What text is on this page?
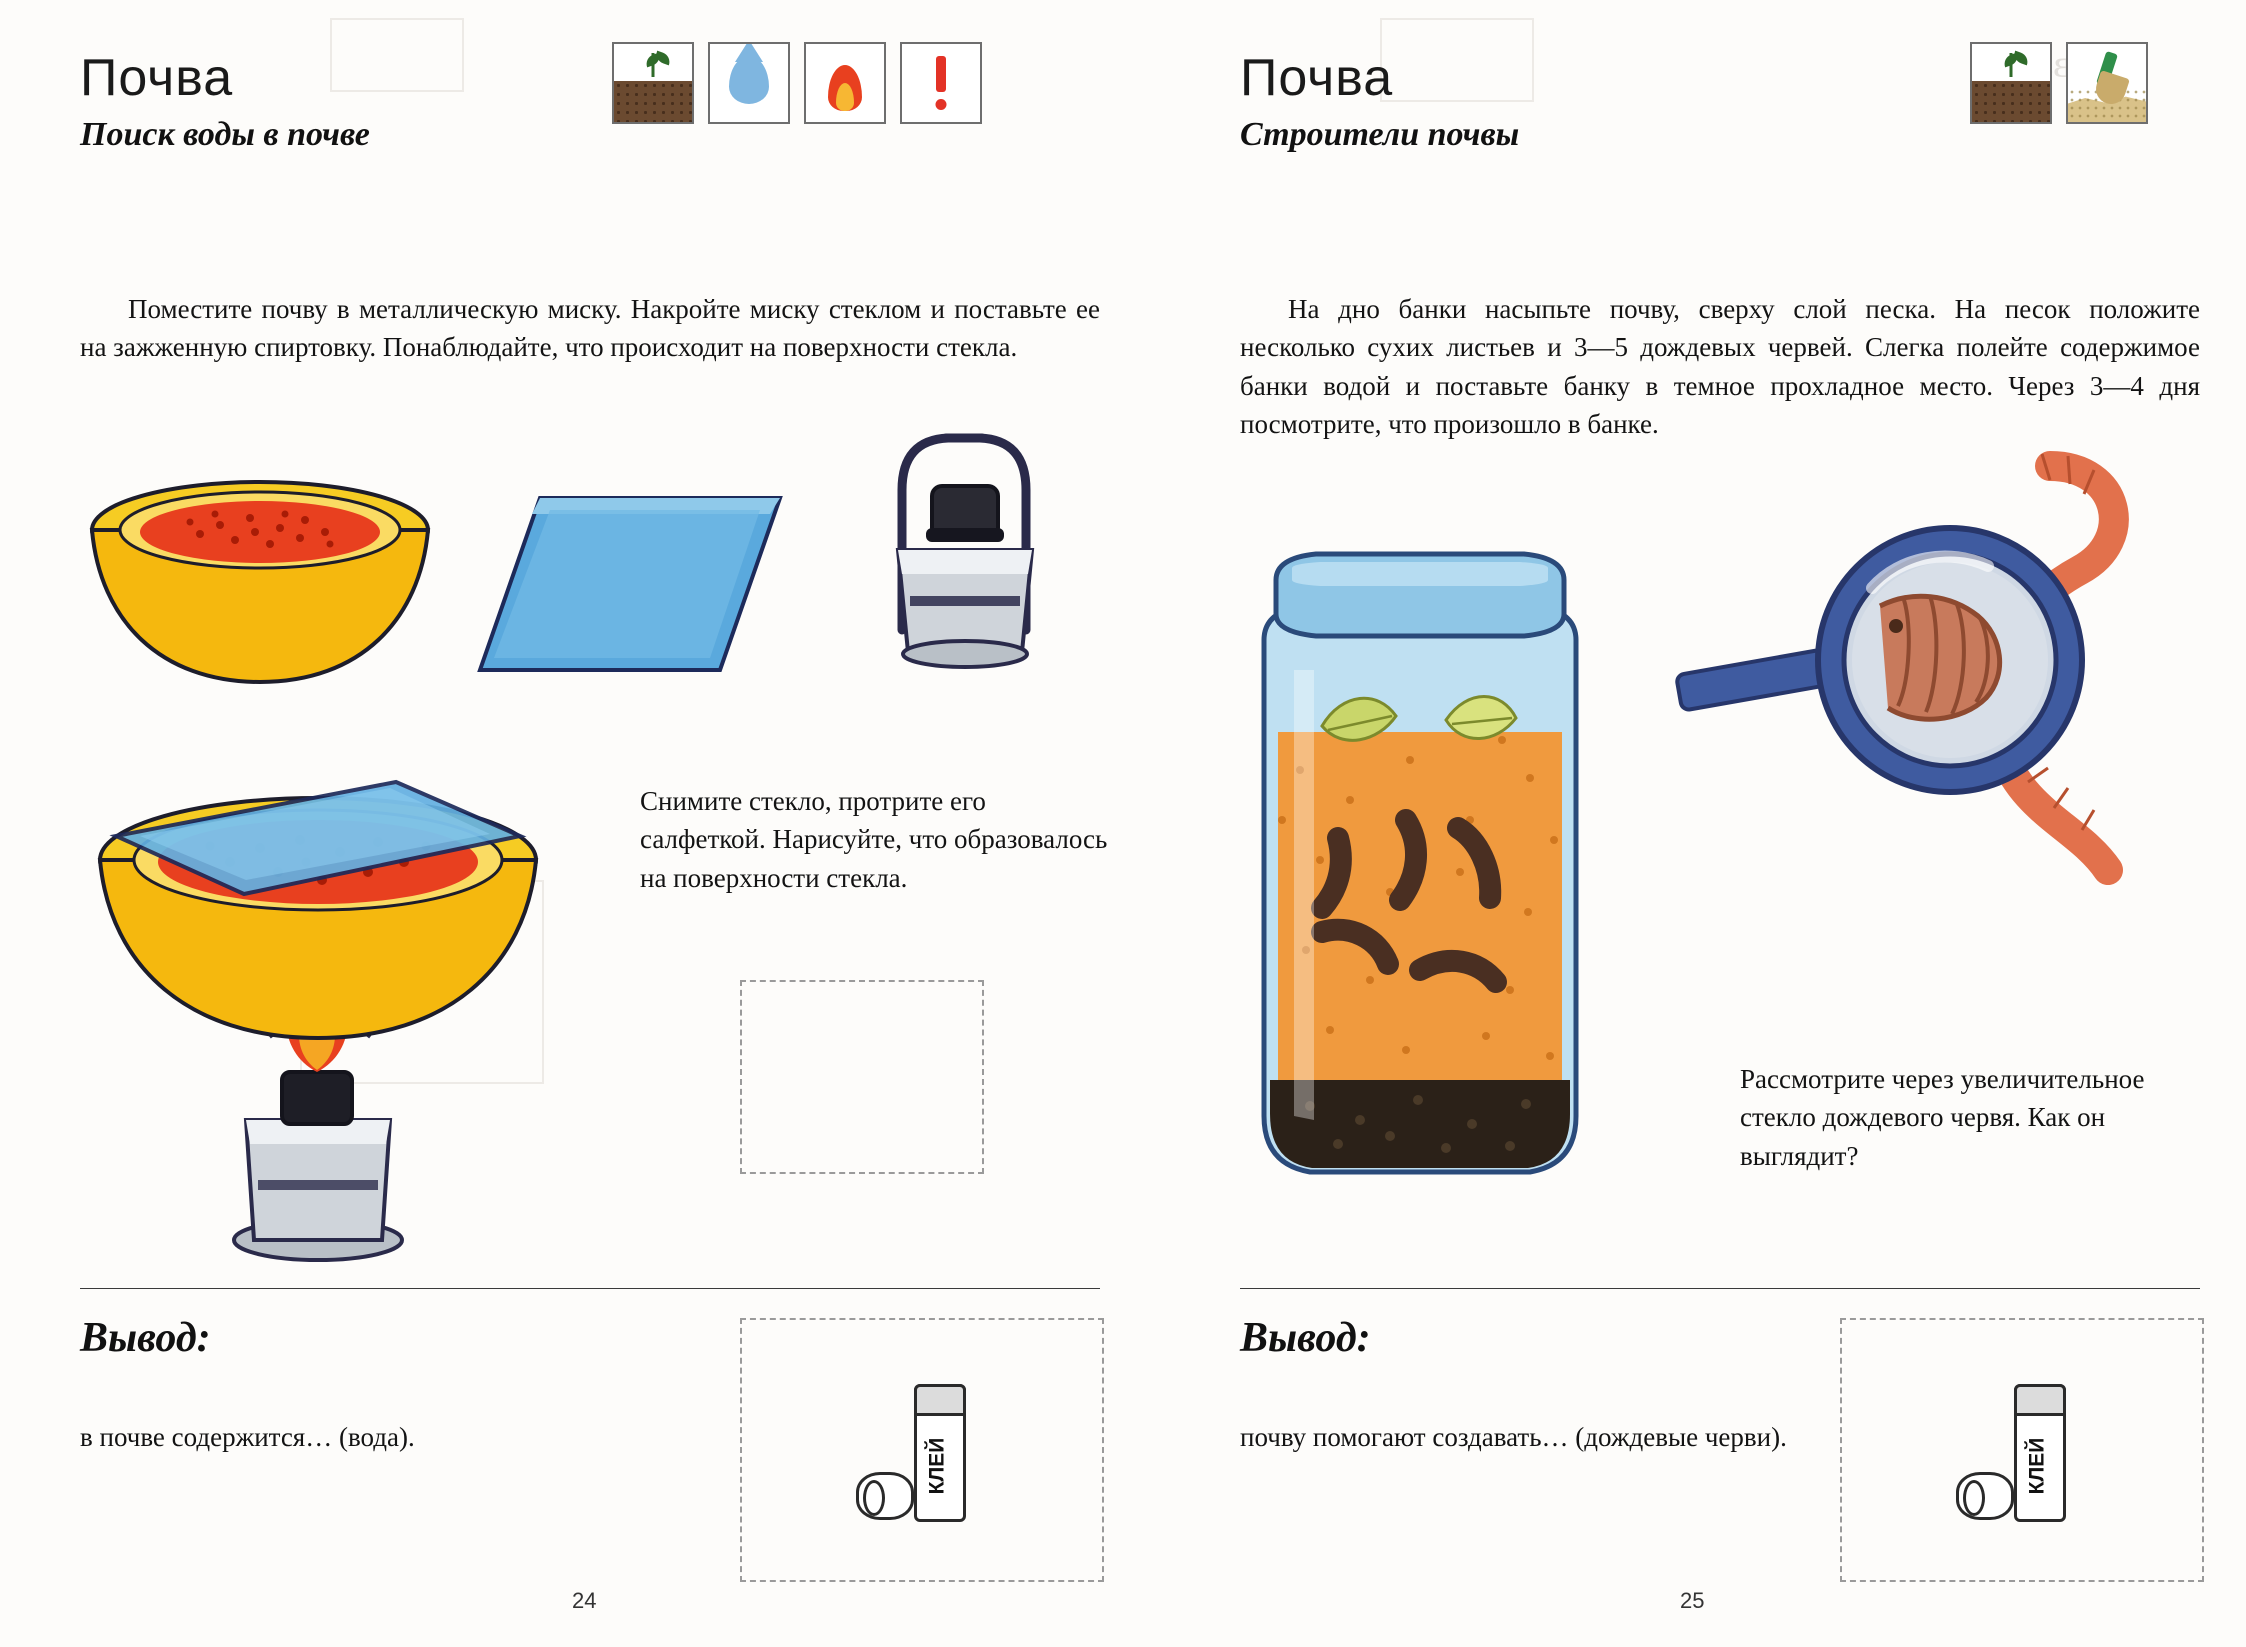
Почва
Поиск воды в почве
Поместите почву в металлическую миску. Накройте миску стеклом и поставьте ее на зажженную спиртовку. Понаблюдайте, что происходит на поверхности стекла.
Снимите стекло, протрите его салфеткой. Нарисуйте, что образовалось на поверхности стекла.
Вывод:
в почве содержится… (вода).
КЛЕЙ
24
Почва
Строители почвы
На дно банки насыпьте почву, сверху слой песка. На песок положите несколько сухих листьев и 3—5 дождевых червей. Слегка полейте содержимое банки водой и поставьте банку в темное прохладное место. Через 3—4 дня посмотрите, что произошло в банке.
Рассмотрите через увеличительное стекло дождевого червя. Как он выглядит?
Вывод:
почву помогают создавать… (дождевые черви).
КЛЕЙ
25
